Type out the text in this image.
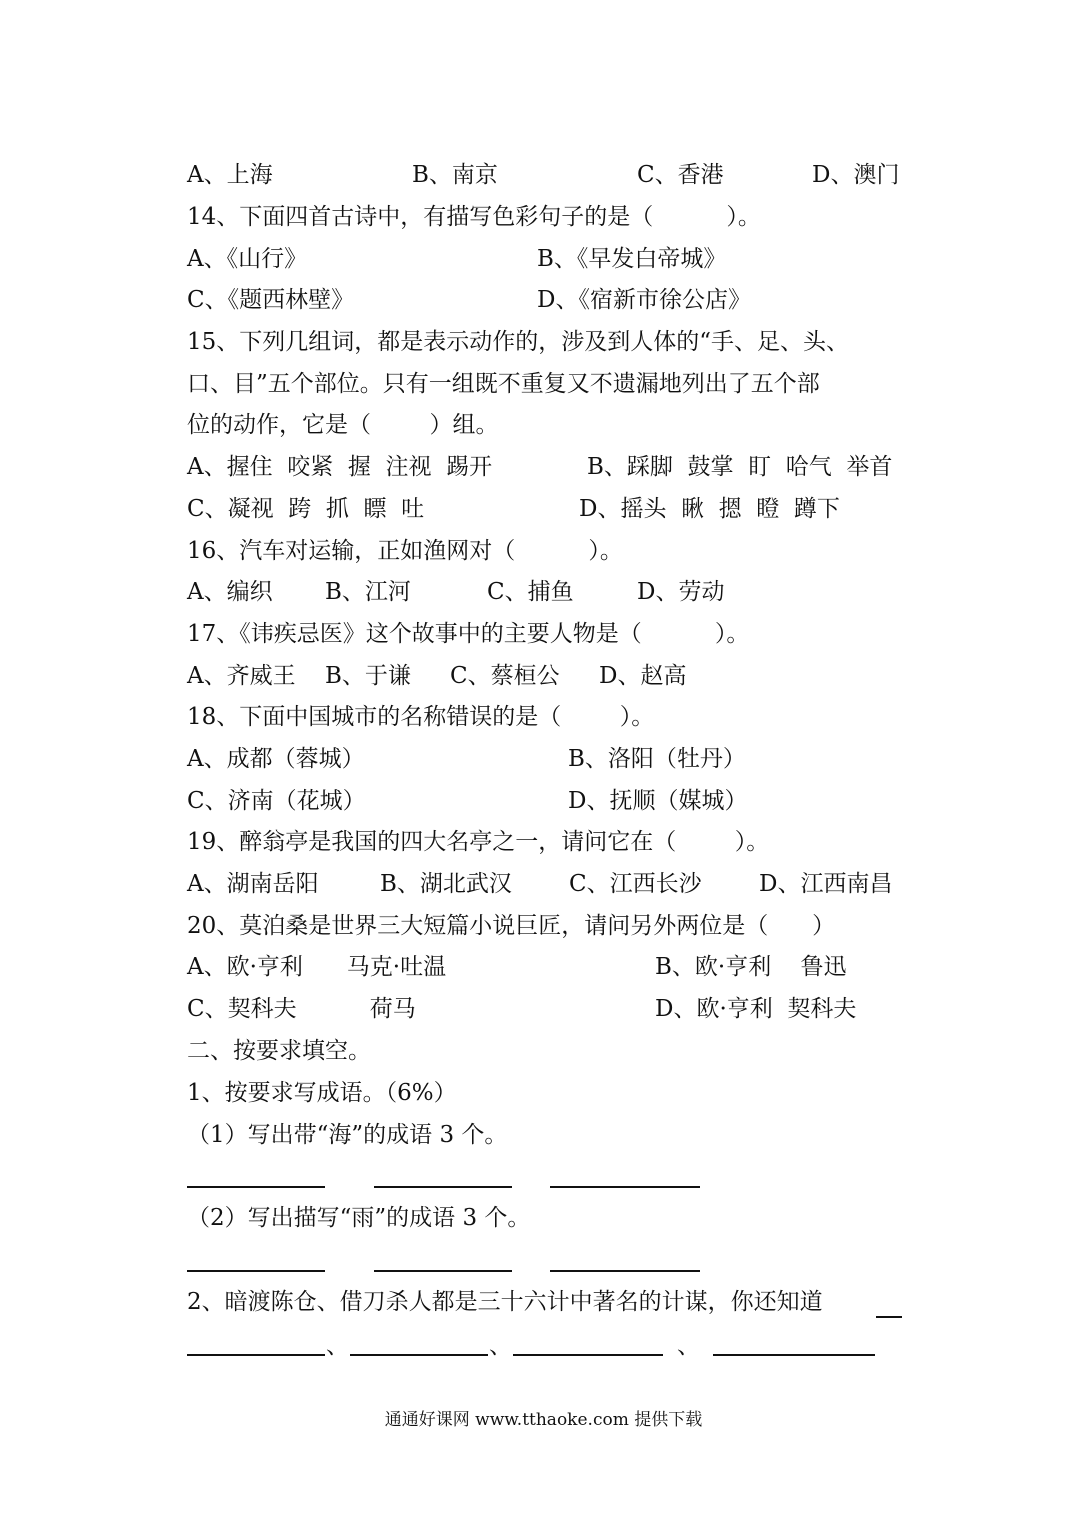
A、上海	B、南京	C、香港	D、澳门
14、下面四首古诗中，有描写色彩句子的是（          ）。
A、《山行》	B、《早发白帝城》
C、《题西林壁》	D、《宿新市徐公店》
15、下列几组词，都是表示动作的，涉及到人体的“手、足、头、
口、目”五个部位。只有一组既不重复又不遗漏地列出了五个部
位的动作，它是（        ）组。
A、握住  咬紧  握  注视  踢开	B、踩脚  鼓掌  盯  哈气  举首
C、凝视  跨  抓  瞟  吐	D、摇头  瞅  摁  瞪  蹲下
16、汽车对运输，正如渔网对（          ）。
A、编织 B、江河	C、捕鱼	D、劳动
17、《讳疾忌医》这个故事中的主要人物是（          ）。
A、齐威王 B、于谦 C、蔡桓公 D、赵高
18、下面中国城市的名称错误的是（        ）。
A、成都（蓉城）	B、洛阳（牡丹）
C、济南（花城）	D、抚顺（媒城）
19、醉翁亭是我国的四大名亭之一，请问它在（        ）。
A、湖南岳阳	B、湖北武汉 C、江西长沙 D、江西南昌
20、莫泊桑是世界三大短篇小说巨匠，请问另外两位是（      ）
A、欧·亨利      马克·吐温	B、欧·亨利    鲁迅
C、契科夫          荷马	D、欧·亨利  契科夫
二、按要求填空。
1、按要求写成语。（6%）
（1）写出带“海”的成语 3 个。
（2）写出描写“雨”的成语 3 个。
2、暗渡陈仓、借刀杀人都是三十六计中著名的计谋，你还知道
、	、	、
通通好课网 www.tthaoke.com 提供下载
